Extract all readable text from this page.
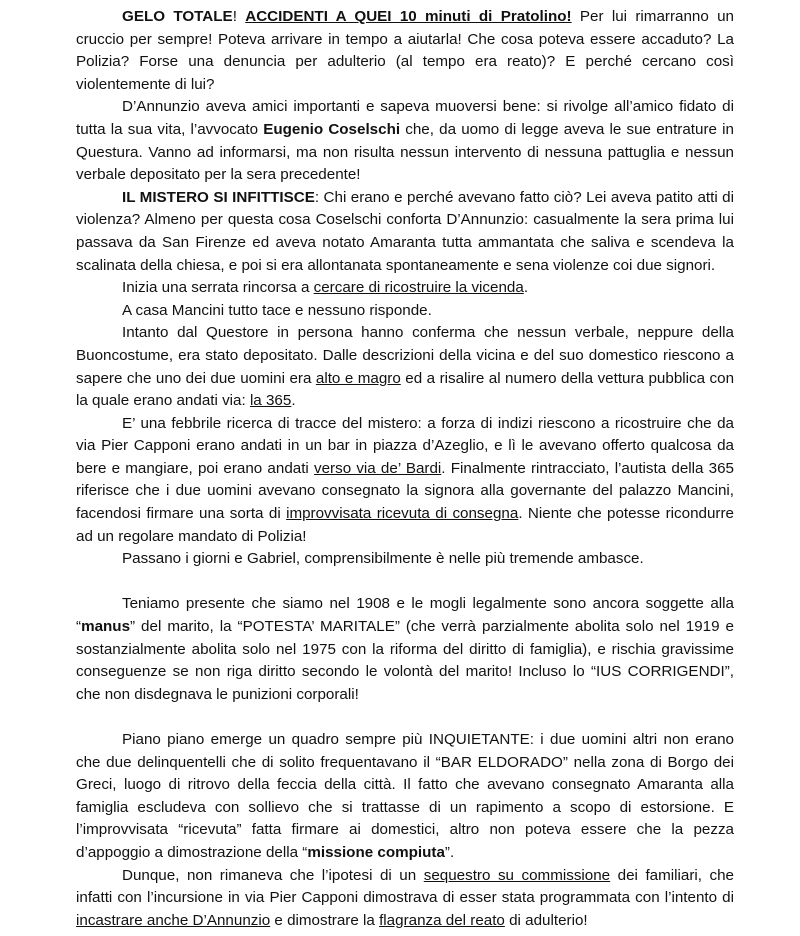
GELO TOTALE! ACCIDENTI A QUEI 10 minuti di Pratolino! Per lui rimarranno un cruccio per sempre! Poteva arrivare in tempo a aiutarla! Che cosa poteva essere accaduto? La Polizia? Forse una denuncia per adulterio (al tempo era reato)? E perché cercano così violentemente di lui?

D’Annunzio aveva amici importanti e sapeva muoversi bene: si rivolge all’amico fidato di tutta la sua vita, l’avvocato Eugenio Coselschi che, da uomo di legge aveva le sue entrature in Questura. Vanno ad informarsi, ma non risulta nessun intervento di nessuna pattuglia e nessun verbale depositato per la sera precedente!

IL MISTERO SI INFITTISCE: Chi erano e perché avevano fatto ciò? Lei aveva patito atti di violenza? Almeno per questa cosa Coselschi conforta D’Annunzio: casualmente la sera prima lui passava da San Firenze ed aveva notato Amaranta tutta ammantata che saliva e scendeva la scalinata della chiesa, e poi si era allontanata spontaneamente e sena violenze coi due signori.

Inizia una serrata rincorsa a cercare di ricostruire la vicenda.

A casa Mancini tutto tace e nessuno risponde.

Intanto dal Questore in persona hanno conferma che nessun verbale, neppure della Buoncostume, era stato depositato. Dalle descrizioni della vicina e del suo domestico riescono a sapere che uno dei due uomini era alto e magro ed a risalire al numero della vettura pubblica con la quale erano andati via: la 365.

E’ una febbrile ricerca di tracce del mistero: a forza di indizi riescono a ricostruire che da via Pier Capponi erano andati in un bar in piazza d’Azeglio, e lì le avevano offerto qualcosa da bere e mangiare, poi erano andati verso via de’ Bardi. Finalmente rintracciato, l’autista della 365 riferisce che i due uomini avevano consegnato la signora alla governante del palazzo Mancini, facendosi firmare una sorta di improvvisata ricevuta di consegna. Niente che potesse ricondurre ad un regolare mandato di Polizia!

Passano i giorni e Gabriel, comprensibilmente è nelle più tremende ambasce.

Teniamo presente che siamo nel 1908 e le mogli legalmente sono ancora soggette alla “manus” del marito, la “POTESTA’ MARITALE” (che verrà parzialmente abolita solo nel 1919 e sostanzialmente abolita solo nel 1975 con la riforma del diritto di famiglia), e rischia gravissime conseguenze se non riga diritto secondo le volontà del marito! Incluso lo “IUS CORRIGENDI”, che non disdegnava le punizioni corporali!

Piano piano emerge un quadro sempre più INQUIETANTE: i due uomini altri non erano che due delinquentelli che di solito frequentavano il “BAR ELDORADO” nella zona di Borgo dei Greci, luogo di ritrovo della feccia della città. Il fatto che avevano consegnato Amaranta alla famiglia escludeva con sollievo che si trattasse di un rapimento a scopo di estorsione. E l’improvvisata “ricevuta” fatta firmare ai domestici, altro non poteva essere che la pezza d’appoggio a dimostrazione della “missione compiuta”.

Dunque, non rimaneva che l’ipotesi di un sequestro su commissione dei familiari, che infatti con l’incursione in via Pier Capponi dimostrava di esser stata programmata con l’intento di incastrare anche D’Annunzio e dimostrare la flagranza del reato di adulterio!
